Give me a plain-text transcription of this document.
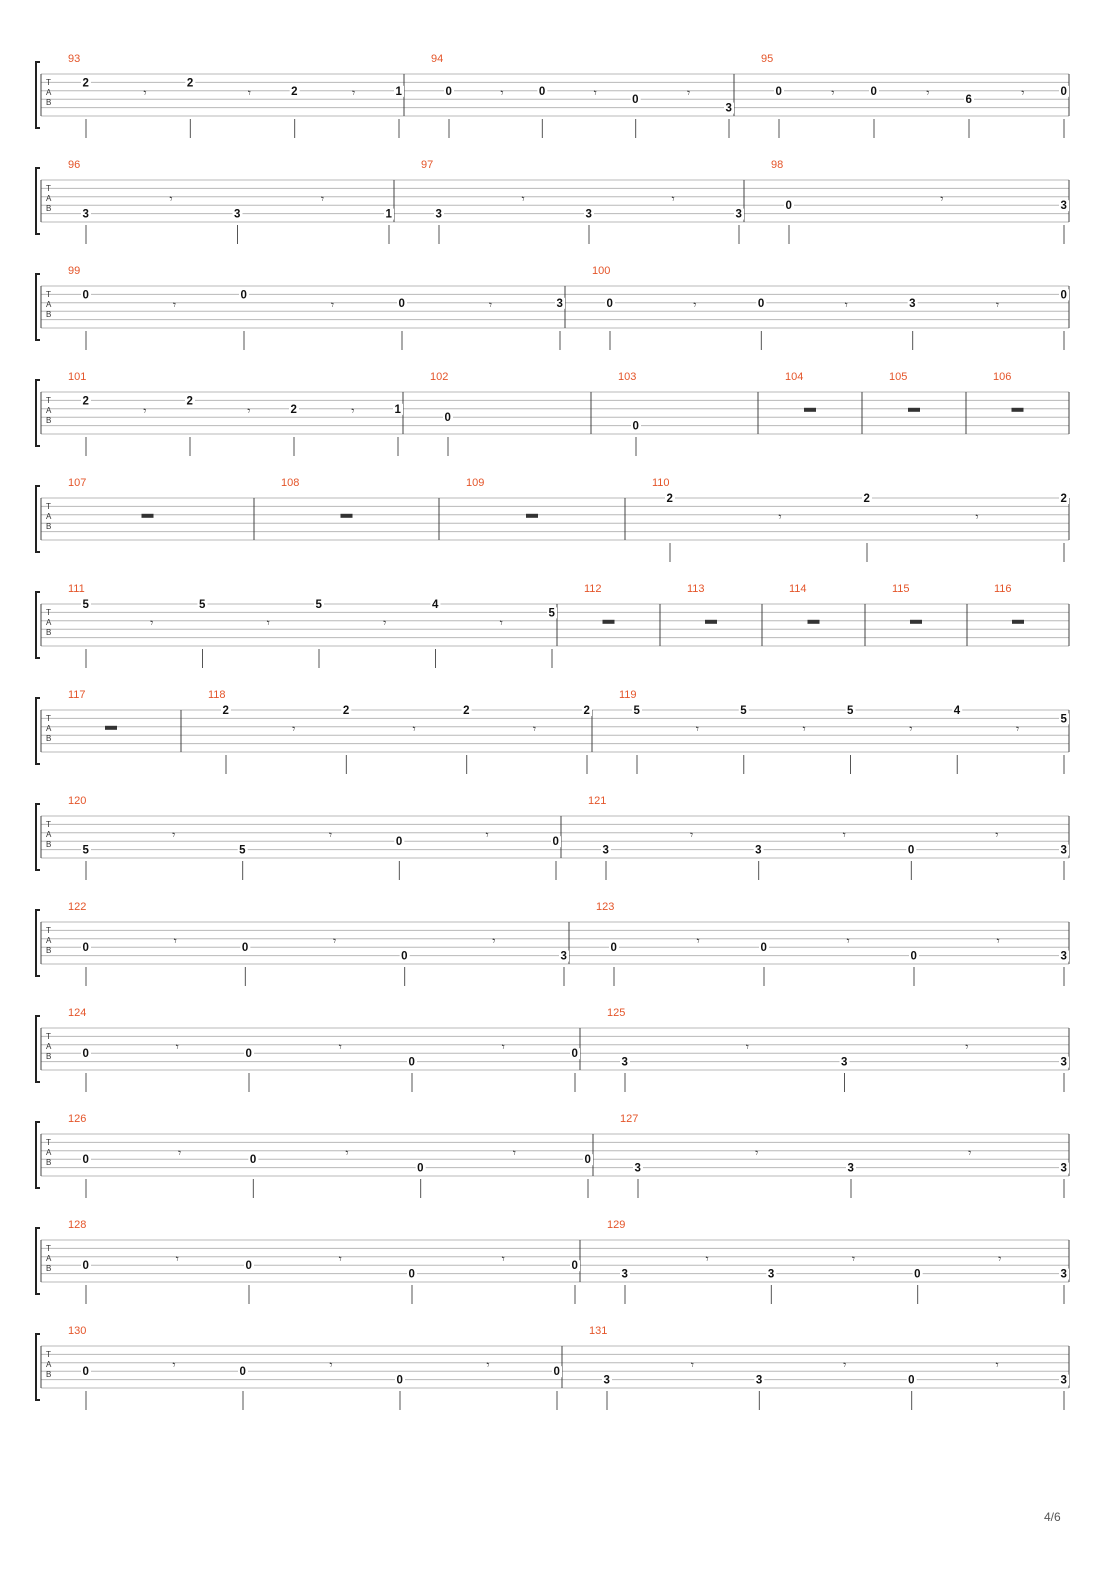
T
A
B
93
2
𝄾
2
𝄾	2	𝄾	1
94
0	𝄾	0	𝄾
0
𝄾
3
95
0	𝄾	0	𝄾
6
𝄾	0
T
A
B
96
3
𝄾
3
𝄾
1
97
3
𝄾
3
𝄾
3
98
0
𝄾
3
T
A
B
99
0
𝄾
0
𝄾	0	𝄾	3
100
0	𝄾	0	𝄾	3	𝄾
0
T
A
B
101
2
𝄾
2
𝄾	2	𝄾	1
102
0
103
0
104	105	106
T
A
B
107	108	109	110
2
𝄾
2
𝄾
2
T
A
B
111
5
𝄾
5
𝄾
5
𝄾
4
𝄾
5
112	113	114	115	116
T
A
B
117	118
2
𝄾
2
𝄾
2
𝄾
2
119
5
𝄾
5
𝄾
5
𝄾
4
𝄾
5
T
A
B
120
5
𝄾
5
𝄾
0
𝄾
0
121
3
𝄾
3
𝄾
0
𝄾
3
T
A
B
122
0
𝄾
0
𝄾
0
𝄾
3
123
0
𝄾
0
𝄾
0
𝄾
3
T
A
B
124
0
𝄾
0
𝄾
0
𝄾
0
125
3
𝄾
3
𝄾
3
T
A
B
126
0
𝄾
0
𝄾
0
𝄾
0
127
3
𝄾
3
𝄾
3
T
A
B
128
0
𝄾
0
𝄾
0
𝄾
0
129
3
𝄾
3
𝄾
0
𝄾
3
T
A
B
130
0
𝄾
0
𝄾
0
𝄾
0
131
3
𝄾
3
𝄾
0
𝄾
3
4/6
